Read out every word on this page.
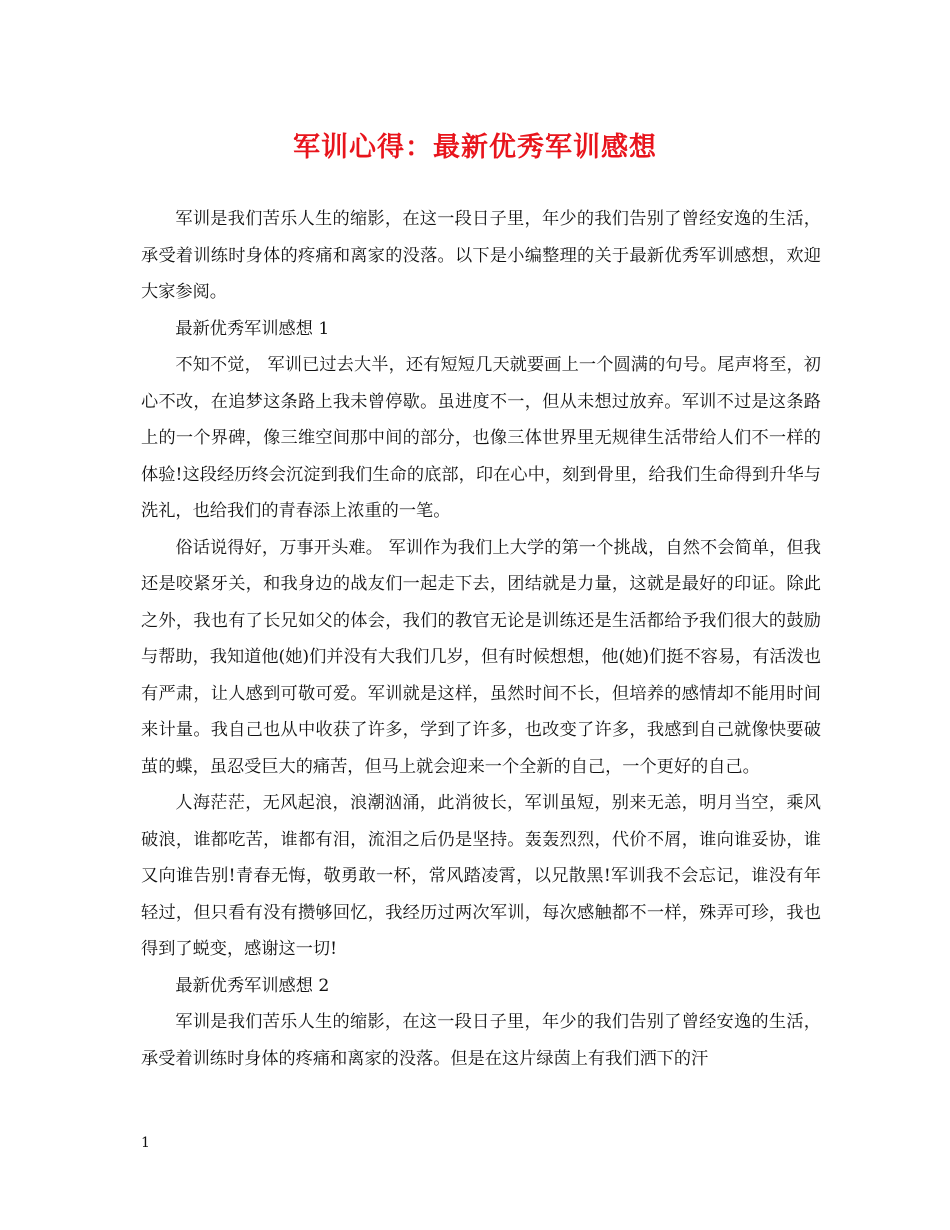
军训心得：最新优秀军训感想

军训是我们苦乐人生的缩影，在这一段日子里，年少的我们告别了曾经安逸的生活，承受着训练时身体的疼痛和离家的没落。以下是小编整理的关于最新优秀军训感想，欢迎大家参阅。

最新优秀军训感想 1

不知不觉， 军训已过去大半，还有短短几天就要画上一个圆满的句号。尾声将至，初心不改，在追梦这条路上我未曾停歇。虽进度不一，但从未想过放弃。军训不过是这条路上的一个界碑，像三维空间那中间的部分，也像三体世界里无规律生活带给人们不一样的体验!这段经历终会沉淀到我们生命的底部，印在心中，刻到骨里，给我们生命得到升华与洗礼，也给我们的青春添上浓重的一笔。

俗话说得好，万事开头难。 军训作为我们上大学的第一个挑战，自然不会简单，但我还是咬紧牙关，和我身边的战友们一起走下去，团结就是力量，这就是最好的印证。除此之外，我也有了长兄如父的体会，我们的教官无论是训练还是生活都给予我们很大的鼓励与帮助，我知道他(她)们并没有大我们几岁，但有时候想想，他(她)们挺不容易，有活泼也有严肃，让人感到可敬可爱。军训就是这样，虽然时间不长，但培养的感情却不能用时间来计量。我自己也从中收获了许多，学到了许多，也改变了许多，我感到自己就像快要破茧的蝶，虽忍受巨大的痛苦，但马上就会迎来一个全新的自己，一个更好的自己。

人海茫茫，无风起浪，浪潮汹涌，此消彼长，军训虽短，别来无恙，明月当空，乘风破浪，谁都吃苦，谁都有泪，流泪之后仍是坚持。轰轰烈烈，代价不屑，谁向谁妥协，谁又向谁告别!青春无悔，敬勇敢一杯，常风踏凌霄，以兄散黑!军训我不会忘记，谁没有年轻过，但只看有没有攒够回忆，我经历过两次军训，每次感触都不一样，殊弄可珍，我也得到了蜕变，感谢这一切!

最新优秀军训感想 2

军训是我们苦乐人生的缩影，在这一段日子里，年少的我们告别了曾经安逸的生活，承受着训练时身体的疼痛和离家的没落。但是在这片绿茵上有我们洒下的汗

1
